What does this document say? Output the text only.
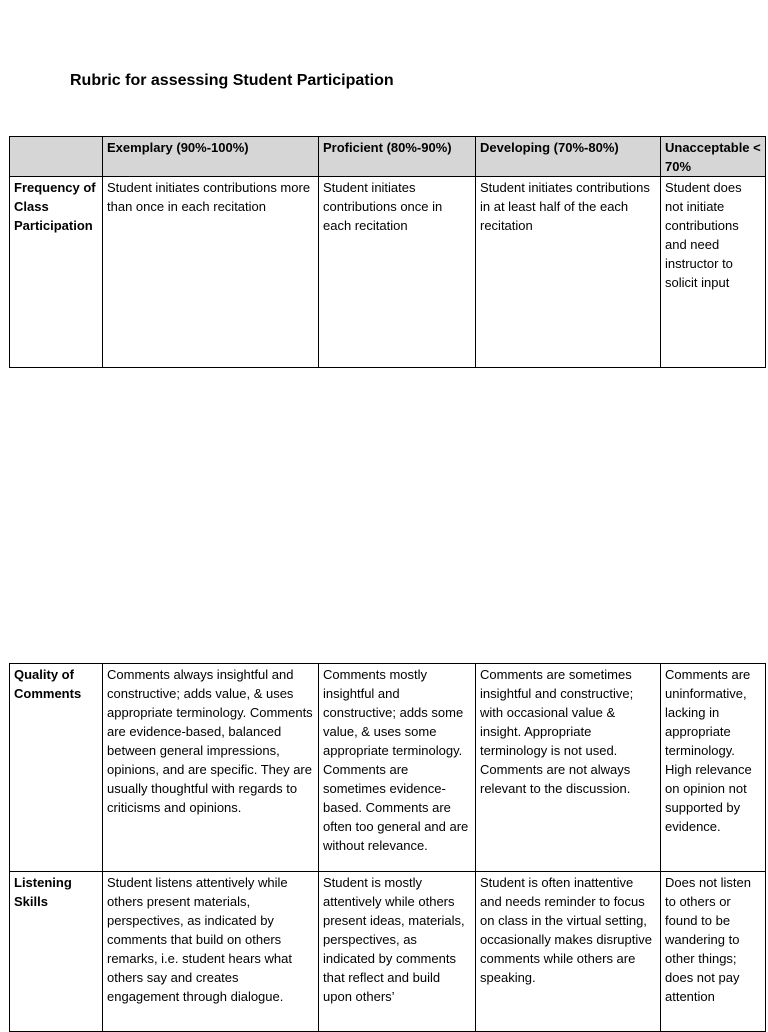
Rubric for assessing Student Participation
	Exemplary (90%-100%)	Proficient (80%-90%)	Developing (70%-80%)	Unacceptable < 70%
Frequency of Class Participation	Student initiates contributions more than once in each recitation	Student initiates contributions once in each recitation	Student initiates contributions in at least half of the each recitation	Student does not initiate contributions and need instructor to solicit input
Quality of Comments	Comments always insightful and constructive; adds value, & uses appropriate terminology. Comments are evidence-based, balanced between general impressions, opinions, and are specific. They are usually thoughtful with regards to criticisms and opinions.	Comments mostly insightful and constructive; adds some value, & uses some appropriate terminology. Comments are sometimes evidence-based. Comments are often too general and are without relevance.	Comments are sometimes insightful and constructive; with occasional value & insight. Appropriate terminology is not used. Comments are not always relevant to the discussion.	Comments are uninformative, lacking in appropriate terminology. High relevance on opinion not supported by evidence.
Listening Skills	Student listens attentively while others present materials, perspectives, as indicated by comments that build on others remarks, i.e. student hears what others say and creates engagement through dialogue.	Student is mostly attentively while others present ideas, materials, perspectives, as indicated by comments that reflect and build upon others’	Student is often inattentive and needs reminder to focus on class in the virtual setting, occasionally makes disruptive comments while others are speaking.	Does not listen to others or found to be wandering to other things; does not pay attention
